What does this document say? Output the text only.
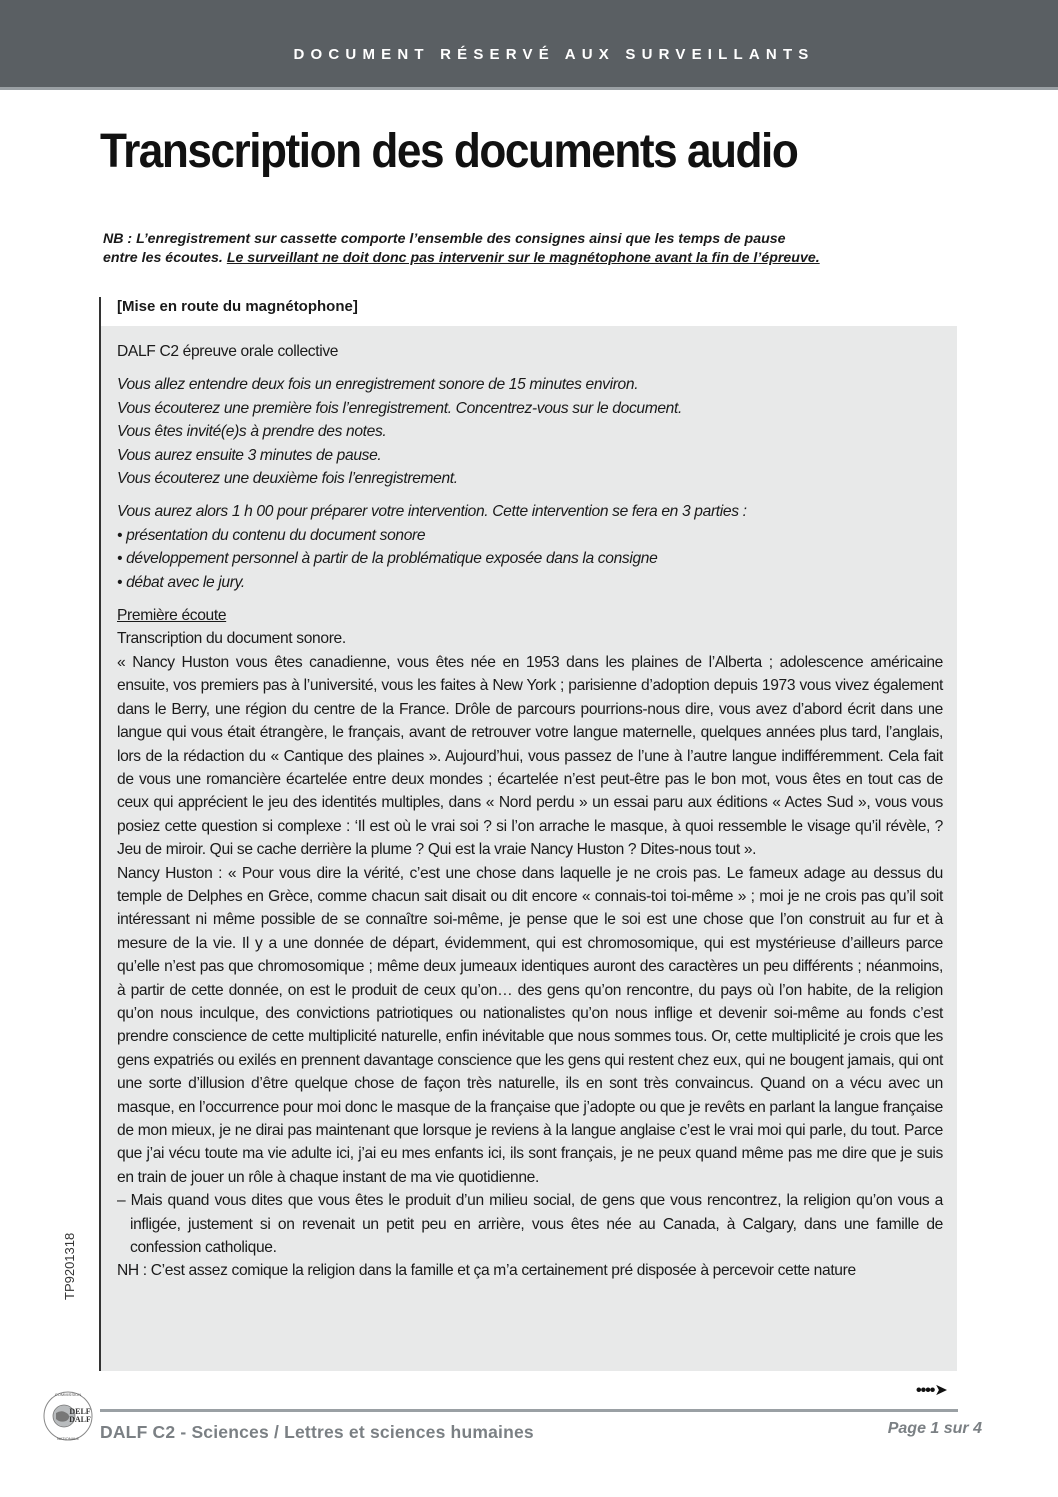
DOCUMENT RÉSERVÉ AUX SURVEILLANTS
Transcription des documents audio
NB : L’enregistrement sur cassette comporte l’ensemble des consignes ainsi que les temps de pause
entre les écoutes. Le surveillant ne doit donc pas intervenir sur le magnétophone avant la fin de l’épreuve.
[Mise en route du magnétophone]

DALF C2 épreuve orale collective

Vous allez entendre deux fois un enregistrement sonore de 15 minutes environ.

Vous écouterez une première fois l’enregistrement. Concentrez-vous sur le document.

Vous êtes invité(e)s à prendre des notes.

Vous aurez ensuite 3 minutes de pause.

Vous écouterez une deuxième fois l’enregistrement.

Vous aurez alors 1 h 00 pour préparer votre intervention. Cette intervention se fera en 3 parties :

• présentation du contenu du document sonore

• développement personnel à partir de la problématique exposée dans la consigne

• débat avec le jury.

Première écoute

Transcription du document sonore.

« Nancy Huston vous êtes canadienne, vous êtes née en 1953 dans les plaines de l’Alberta ; adolescence américaine ensuite, vos premiers pas à l’université, vous les faites à New York ; parisienne d’adoption depuis 1973 vous vivez également dans le Berry, une région du centre de la France. Drôle de parcours pourrions-nous dire, vous avez d’abord écrit dans une langue qui vous était étrangère, le français, avant de retrouver votre langue maternelle, quelques années plus tard, l’anglais, lors de la rédaction du « Cantique des plaines ». Aujourd’hui, vous passez de l’une à l’autre langue indifféremment. Cela fait de vous une romancière écartelée entre deux mondes ; écartelée n’est peut-être pas le bon mot, vous êtes en tout cas de ceux qui apprécient le jeu des identités multiples, dans « Nord perdu » un essai paru aux éditions « Actes Sud », vous vous posiez cette question si complexe : ‘Il est où le vrai soi ? si l’on arrache le masque, à quoi ressemble le visage qu’il révèle, ?Jeu de miroir. Qui se cache derrière la plume ? Qui est la vraie Nancy Huston ? Dites-nous tout ».

Nancy Huston : « Pour vous dire la vérité, c’est une chose dans laquelle je ne crois pas. Le fameux adage au dessus du temple de Delphes en Grèce, comme chacun sait disait ou dit encore « connais-toi toi-même » ; moi je ne crois pas qu’il soit intéressant ni même possible de se connaître soi-même, je pense que le soi est une chose que l’on construit au fur et à mesure de la vie. Il y a une donnée de départ, évidemment, qui est chromosomique, qui est mystérieuse d’ailleurs parce qu’elle n’est pas que chromosomique ; même deux jumeaux identiques auront des caractères un peu différents ; néanmoins, à partir de cette donnée, on est le produit de ceux qu’on… des gens qu’on rencontre, du pays où l’on habite, de la religion qu’on nous inculque, des convictions patriotiques ou nationalistes qu’on nous inflige et devenir soi-même au fonds c’est prendre conscience de cette multiplicité naturelle, enfin inévitable que nous sommes tous. Or, cette multiplicité je crois que les gens expatriés ou exilés en prennent davantage conscience que les gens qui restent chez eux, qui ne bougent jamais, qui ont une sorte d’illusion d’être quelque chose de façon très naturelle, ils en sont très convaincus. Quand on a vécu avec un masque, en l’occurrence pour moi donc le masque de la française que j’adopte ou que je revêts en parlant la langue française de mon mieux, je ne dirai pas maintenant que lorsque je reviens à la langue anglaise c’est le vrai moi qui parle, du tout. Parce que j’ai vécu toute ma vie adulte ici, j’ai eu mes enfants ici, ils sont français, je ne peux quand même pas me dire que je suis en train de jouer un rôle à chaque instant de ma vie quotidienne.

– Mais quand vous dites que vous êtes le produit d’un milieu social, de gens que vous rencontrez, la religion qu’on vous a infligée, justement si on revenait un petit peu en arrière, vous êtes née au Canada, à Calgary, dans une famille de confession catholique.

NH : C’est assez comique la religion dans la famille et ça m’a certainement pré disposée à percevoir cette nature

TP9201318
••••➤
DELF
DALF
COMMISSION
NATIONALE DALF C2 - Sciences / Lettres et sciences humaines	Page 1 sur 4
